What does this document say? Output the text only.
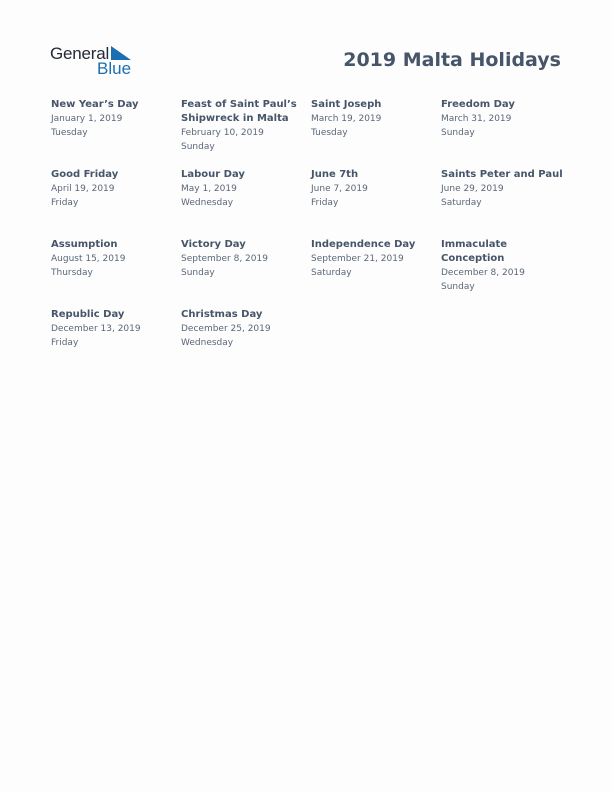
General
Blue	2019 Malta Holidays
New Year’s Day
January 1, 2019
Tuesday
Feast of Saint Paul’s Shipwreck in Malta
February 10, 2019
Sunday
Saint Joseph
March 19, 2019
Tuesday
Freedom Day
March 31, 2019
Sunday
Good Friday
April 19, 2019
Friday
Labour Day
May 1, 2019
Wednesday
June 7th
June 7, 2019
Friday
Saints Peter and Paul
June 29, 2019
Saturday
Assumption
August 15, 2019
Thursday
Victory Day
September 8, 2019
Sunday
Independence Day
September 21, 2019
Saturday
Immaculate Conception
December 8, 2019
Sunday
Republic Day
December 13, 2019
Friday
Christmas Day
December 25, 2019
Wednesday
